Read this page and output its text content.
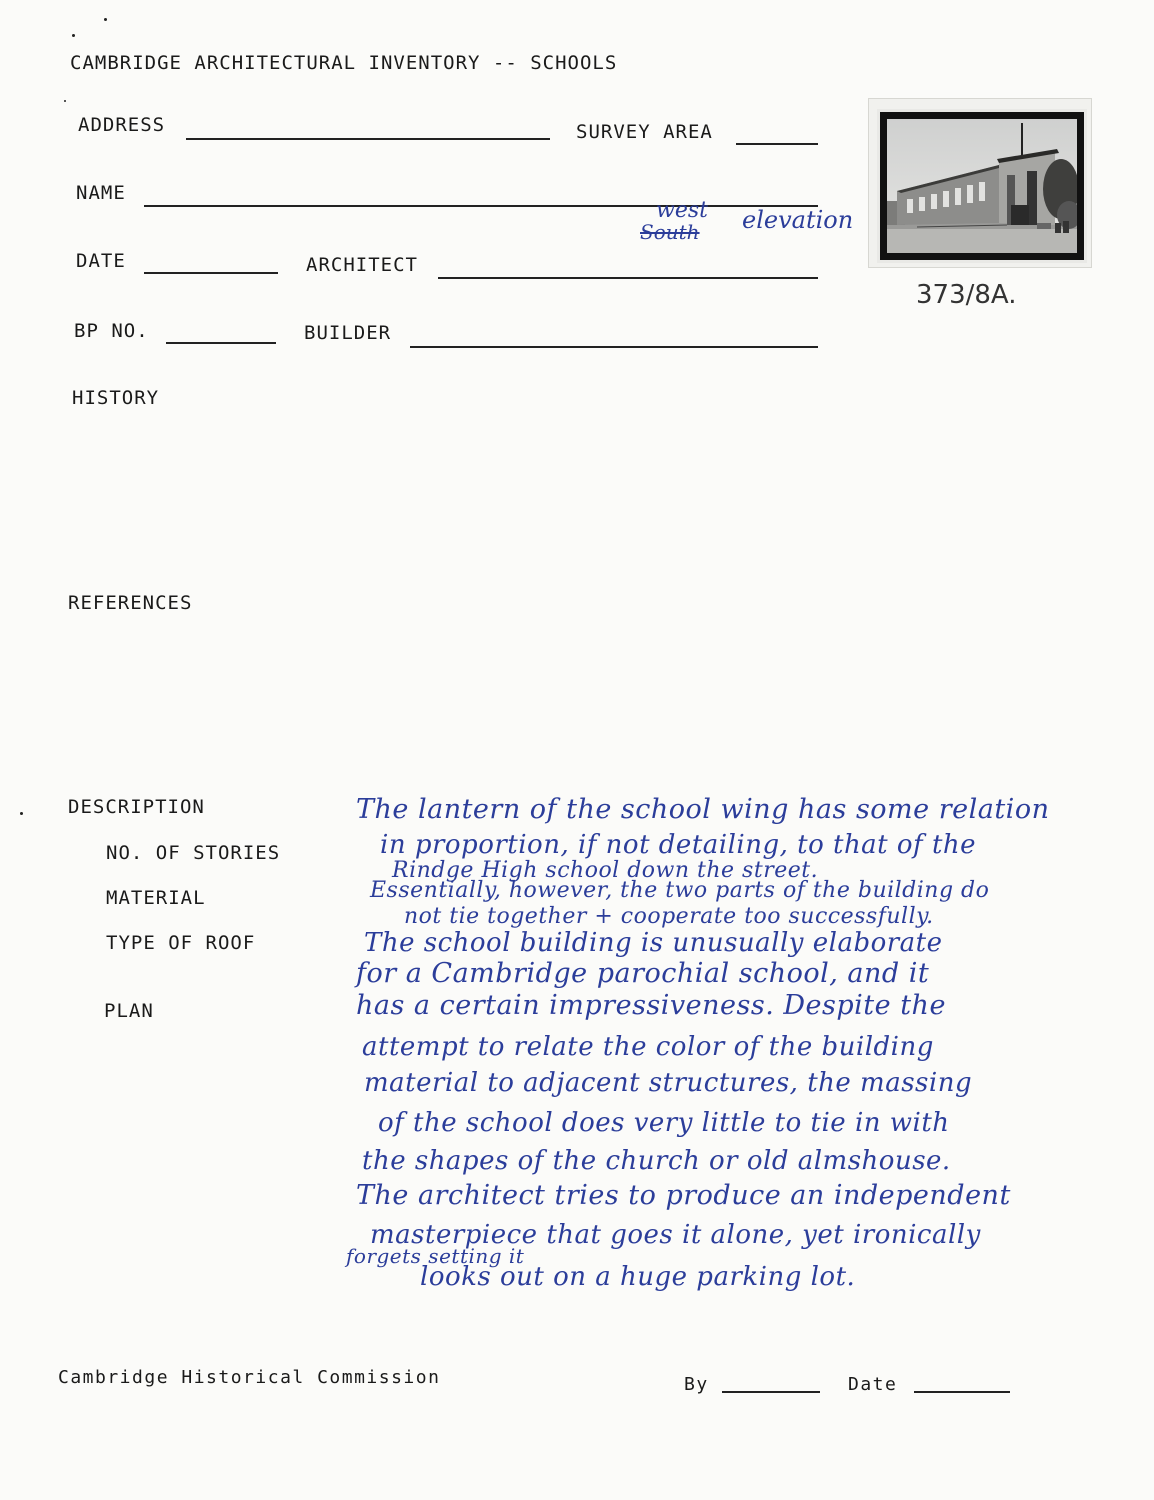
CAMBRIDGE ARCHITECTURAL INVENTORY -- SCHOOLS
ADDRESS	SURVEY AREA
NAME
DATE	ARCHITECT
BP NO.	BUILDER
HISTORY
REFERENCES
DESCRIPTION
NO. OF STORIES
MATERIAL
TYPE OF ROOF
PLAN
west
South elevation
373/8A.
The lantern of the school wing has some relation
in proportion, if not detailing, to that of the
Rindge High school down the street.
Essentially, however, the two parts of the building do
not tie together + cooperate too successfully.
The school building is unusually elaborate
for a Cambridge parochial school, and it
has a certain impressiveness. Despite the
attempt to relate the color of the building
material to adjacent structures, the massing
of the school does very little to tie in with
the shapes of the church or old almshouse.
The architect tries to produce an independent
masterpiece that goes it alone, yet ironically
forgets setting it
looks out on a huge parking lot.
Cambridge Historical Commission	By	Date
